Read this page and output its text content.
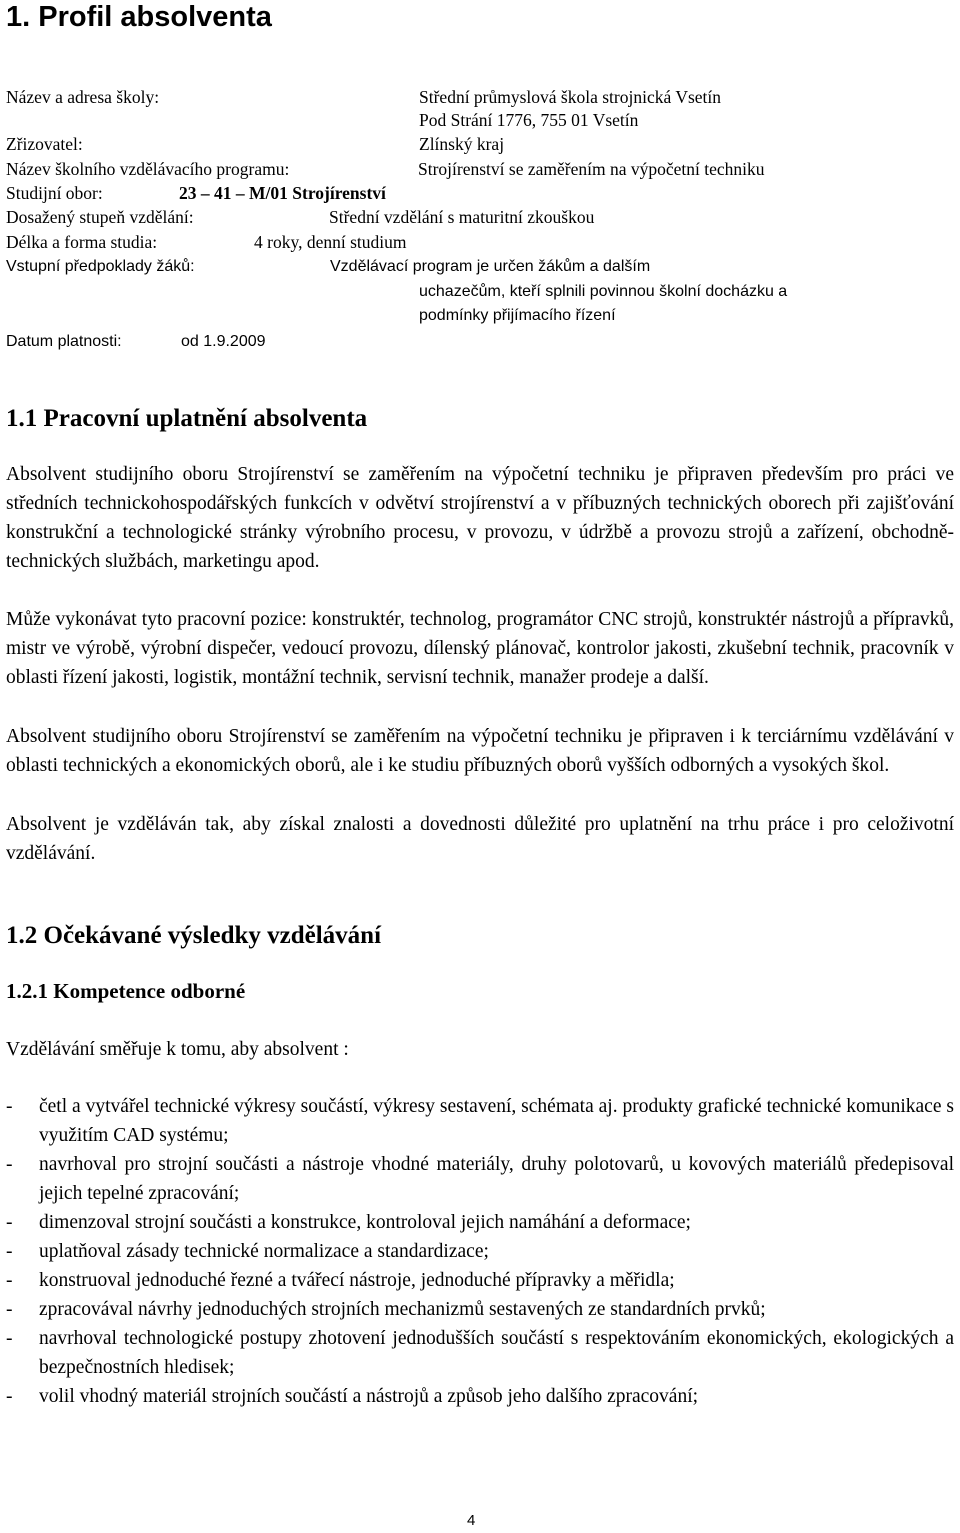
1. Profil absolventa
Název a adresa školy:	Střední průmyslová škola strojnická Vsetín
Pod Strání 1776, 755 01 Vsetín
Zřizovatel:	Zlínský kraj
Název školního vzdělávacího programu:	Strojírenství se zaměřením na výpočetní techniku
Studijní obor:	23 – 41 – M/01 Strojírenství
Dosažený stupeň vzdělání:	Střední vzdělání s maturitní zkouškou
Délka a forma studia:	4 roky, denní studium
Vstupní předpoklady žáků:	Vzdělávací program je určen žákům a dalším
uchazečům, kteří splnili povinnou školní docházku a
podmínky přijímacího řízení
Datum platnosti:	od 1.9.2009
1.1 Pracovní uplatnění absolventa
Absolvent studijního oboru Strojírenství se zaměřením na výpočetní techniku je připraven především pro práci ve středních technickohospodářských funkcích v odvětví strojírenství a v příbuzných technických oborech při zajišťování konstrukční a technologické stránky výrobního procesu, v provozu, v údržbě a provozu strojů a zařízení, obchodně-technických službách, marketingu apod.
Může vykonávat tyto pracovní pozice: konstruktér, technolog, programátor CNC strojů, konstruktér nástrojů a přípravků, mistr ve výrobě, výrobní dispečer, vedoucí provozu, dílenský plánovač, kontrolor jakosti, zkušební technik, pracovník v oblasti řízení jakosti, logistik, montážní technik, servisní technik, manažer prodeje a další.
Absolvent studijního oboru Strojírenství se zaměřením na výpočetní techniku je připraven i k terciárnímu vzdělávání v oblasti technických a ekonomických oborů, ale i ke studiu příbuzných oborů vyšších odborných a vysokých škol.
Absolvent je vzděláván tak, aby získal znalosti a dovednosti důležité pro uplatnění na trhu práce i pro celoživotní vzdělávání.
1.2 Očekávané výsledky vzdělávání
1.2.1 Kompetence odborné
Vzdělávání směřuje k tomu, aby absolvent :
- četl a vytvářel technické výkresy součástí, výkresy sestavení, schémata aj. produkty grafické technické komunikace s využitím CAD systému;
- navrhoval pro strojní součásti a nástroje vhodné materiály, druhy polotovarů, u kovových materiálů předepisoval jejich tepelné zpracování;
- dimenzoval strojní součásti a konstrukce, kontroloval jejich namáhání a deformace;
- uplatňoval zásady technické normalizace a standardizace;
- konstruoval jednoduché řezné a tvářecí nástroje, jednoduché přípravky a měřidla;
- zpracovával návrhy jednoduchých strojních mechanizmů sestavených ze standardních prvků;
- navrhoval technologické postupy zhotovení jednodušších součástí s respektováním ekonomických, ekologických a bezpečnostních hledisek;
- volil vhodný materiál strojních součástí a nástrojů a způsob jeho dalšího zpracování;
4
